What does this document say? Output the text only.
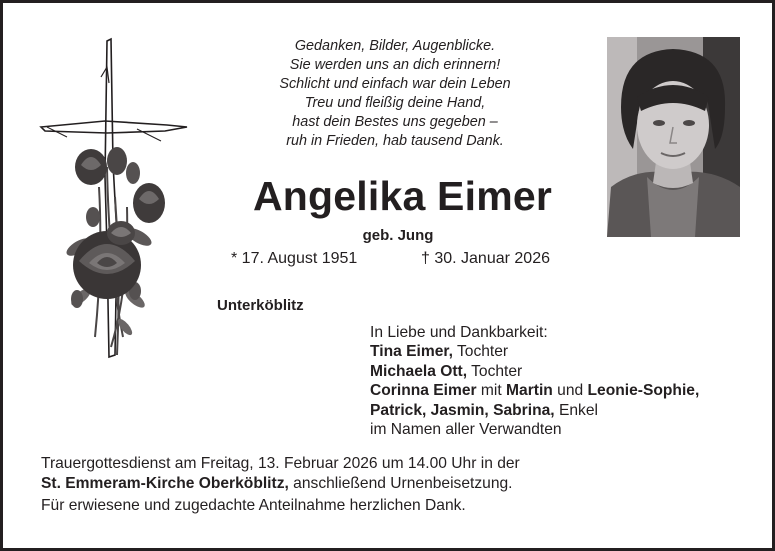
Gedanken, Bilder, Augenblicke.
Sie werden uns an dich erinnern!
Schlicht und einfach war dein Leben
Treu und fleißig deine Hand,
hast dein Bestes uns gegeben –
ruh in Frieden, hab tausend Dank.
Angelika Eimer
geb. Jung
* 17. August 1951	† 30. Januar 2026
Unterköblitz
In Liebe und Dankbarkeit:
Tina Eimer, Tochter
Michaela Ott, Tochter
Corinna Eimer mit Martin und Leonie-Sophie,
Patrick, Jasmin, Sabrina, Enkel
im Namen aller Verwandten
Trauergottesdienst am Freitag, 13. Februar 2026 um 14.00 Uhr in der
St. Emmeram-Kirche Oberköblitz, anschließend Urnenbeisetzung.
Für erwiesene und zugedachte Anteilnahme herzlichen Dank.
